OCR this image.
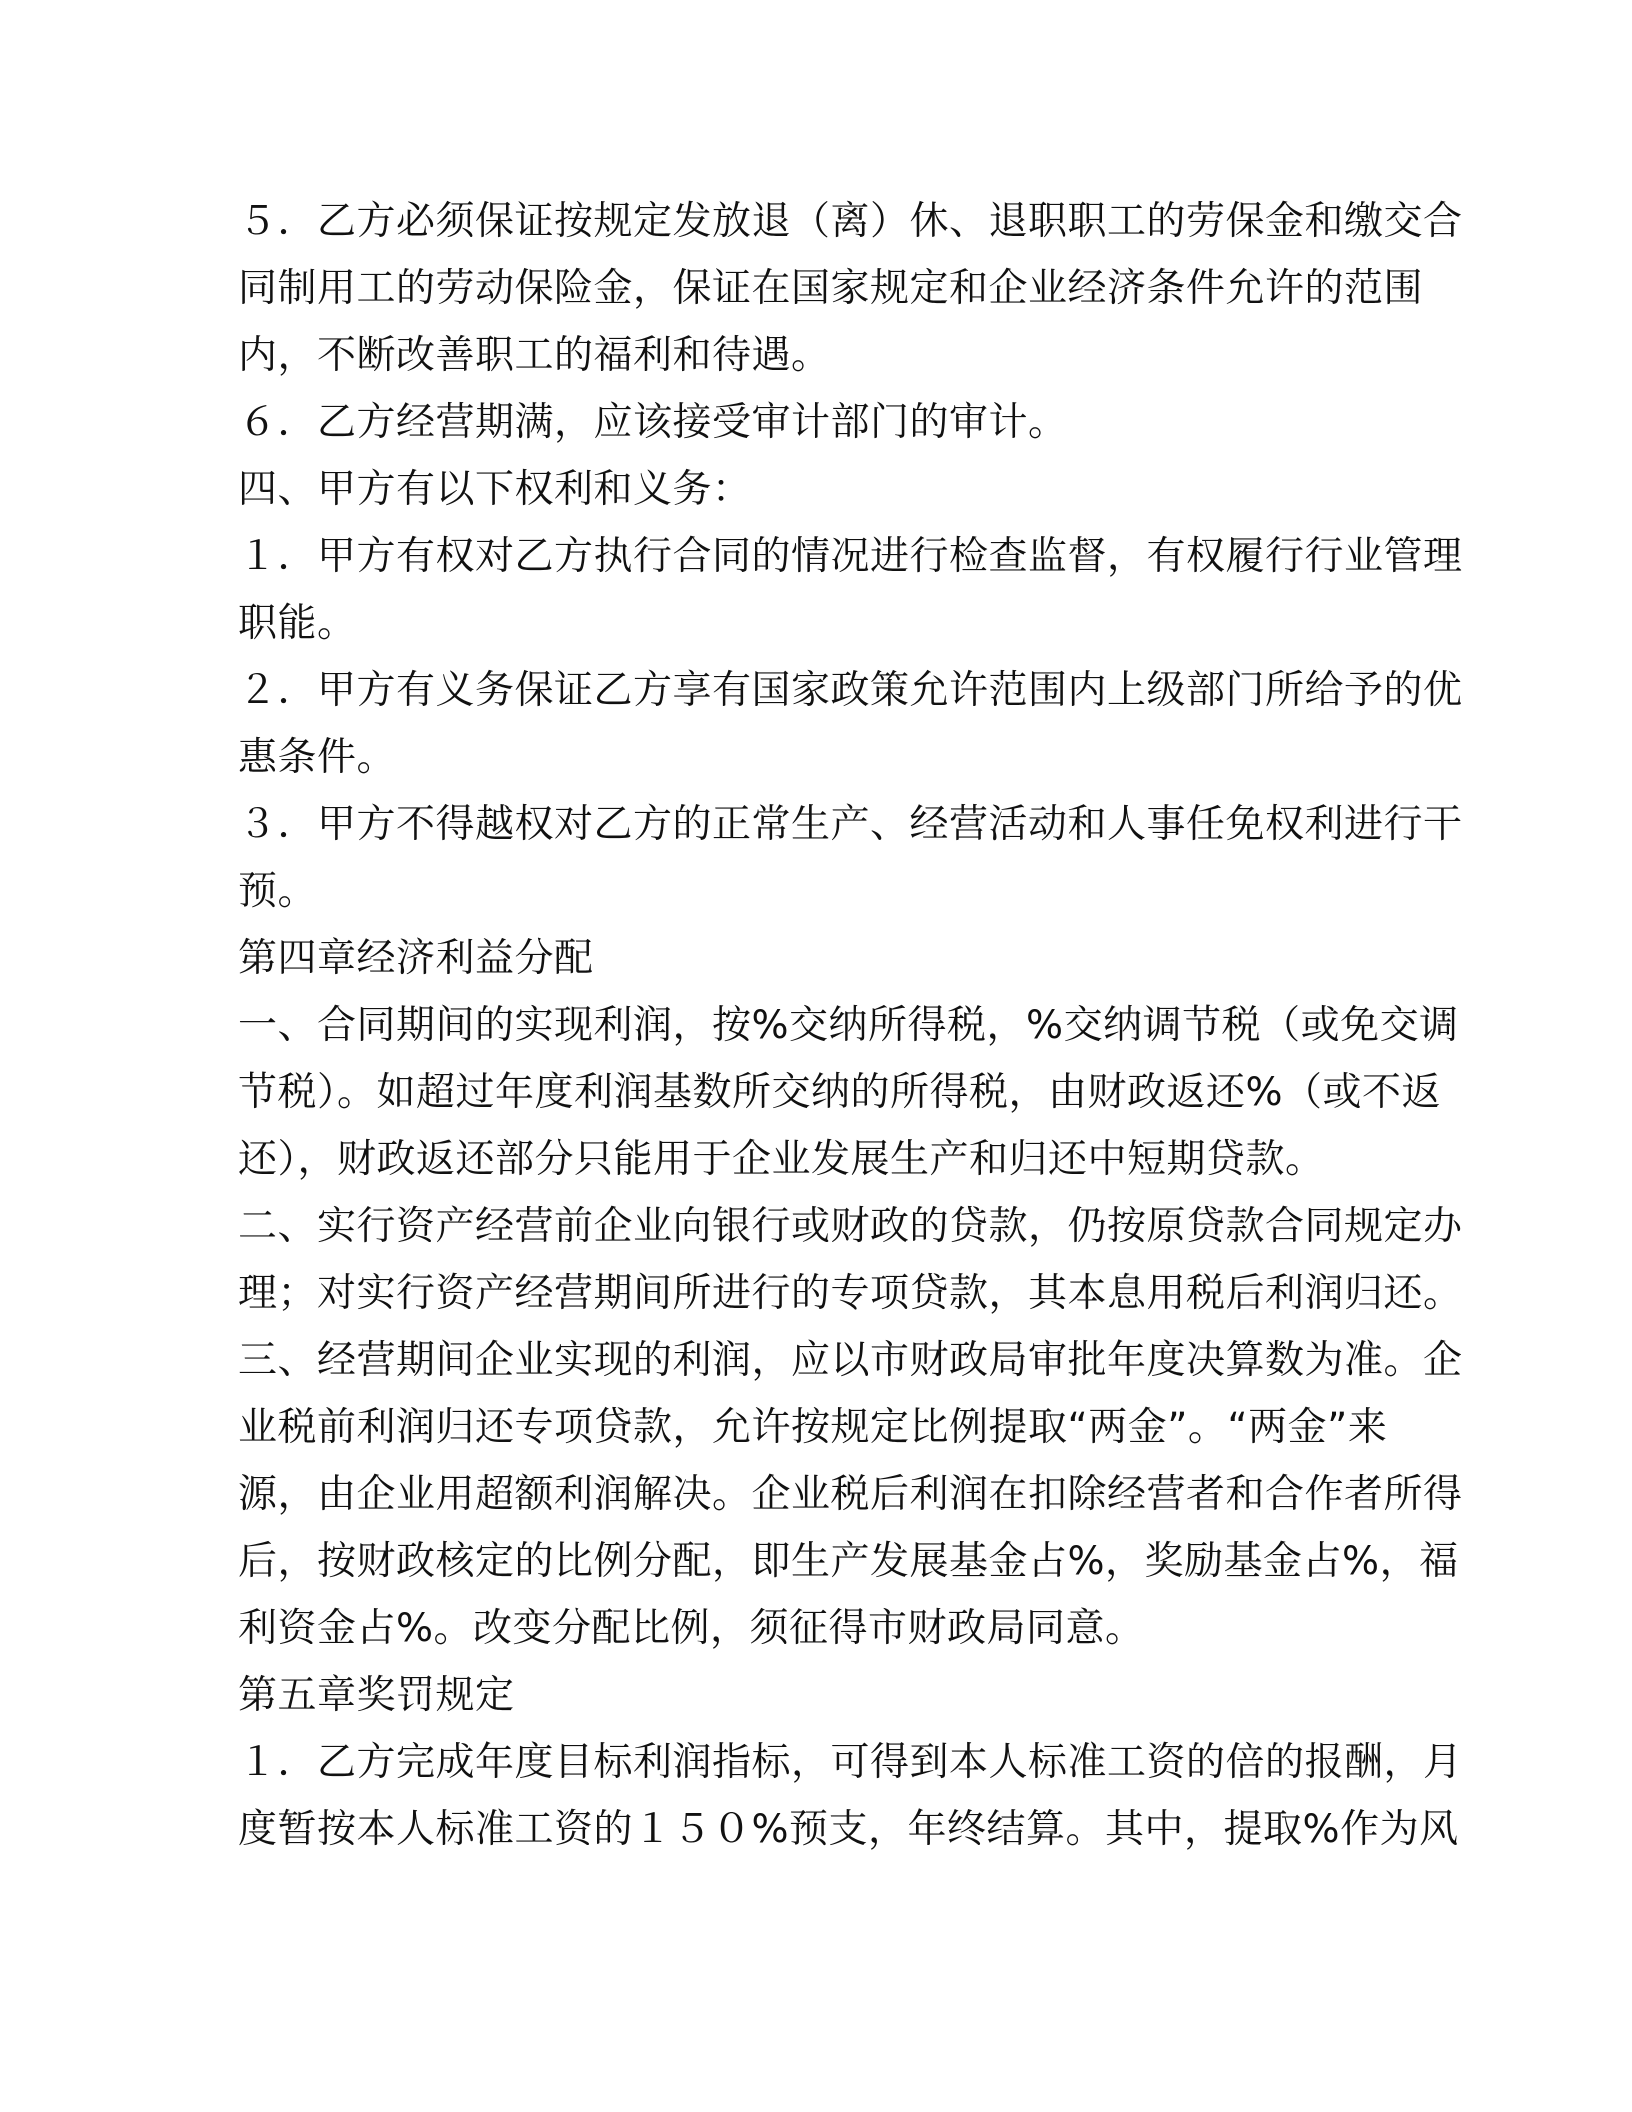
５．乙方必须保证按规定发放退（离）休、退职职工的劳保金和缴交合

同制用工的劳动保险金，保证在国家规定和企业经济条件允许的范围

内，不断改善职工的福利和待遇。

６．乙方经营期满，应该接受审计部门的审计。

四、甲方有以下权利和义务：

１．甲方有权对乙方执行合同的情况进行检查监督，有权履行行业管理

职能。

２．甲方有义务保证乙方享有国家政策允许范围内上级部门所给予的优

惠条件。

３．甲方不得越权对乙方的正常生产、经营活动和人事任免权利进行干

预。

第四章经济利益分配

一、合同期间的实现利润，按%交纳所得税，%交纳调节税（或免交调

节税）。如超过年度利润基数所交纳的所得税，由财政返还%（或不返

还），财政返还部分只能用于企业发展生产和归还中短期贷款。

二、实行资产经营前企业向银行或财政的贷款，仍按原贷款合同规定办

理；对实行资产经营期间所进行的专项贷款，其本息用税后利润归还。

三、经营期间企业实现的利润，应以市财政局审批年度决算数为准。企

业税前利润归还专项贷款，允许按规定比例提取“两金”。“两金”来

源，由企业用超额利润解决。企业税后利润在扣除经营者和合作者所得

后，按财政核定的比例分配，即生产发展基金占%，奖励基金占%，福

利资金占%。改变分配比例，须征得市财政局同意。

第五章奖罚规定

１．乙方完成年度目标利润指标，可得到本人标准工资的倍的报酬，月

度暂按本人标准工资的１５０%预支，年终结算。其中，提取%作为风
